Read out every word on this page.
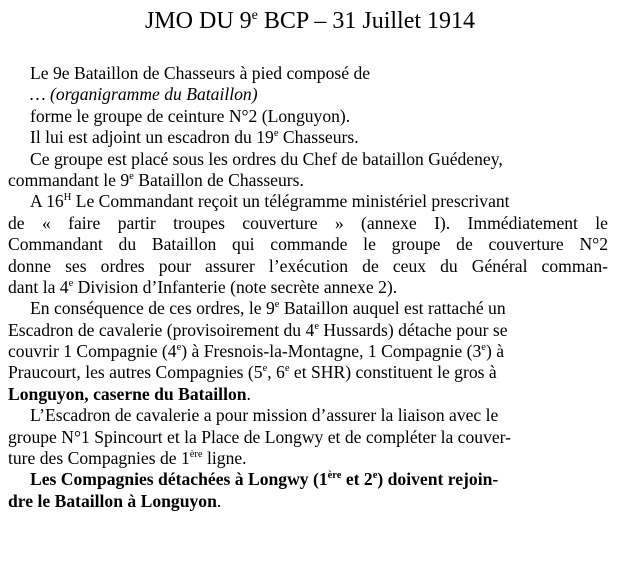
JMO DU 9e BCP – 31 Juillet 1914
Le 9e Bataillon de Chasseurs à pied composé de
… (organigramme du Bataillon)
forme le groupe de ceinture N°2 (Longuyon).
Il lui est adjoint un escadron du 19e Chasseurs.
Ce groupe est placé sous les ordres du Chef de bataillon Guédeney,
commandant le 9e Bataillon de Chasseurs.
A $16^H$ Le Commandant reçoit un télégramme ministériel prescrivant
de « faire partir troupes couverture » (annexe I). Immédiatement le
Commandant du Bataillon qui commande le groupe de couverture N°2
donne ses ordres pour assurer l’exécution de ceux du Général comman-
dant la 4e Division d’Infanterie (note secrète annexe 2).
En conséquence de ces ordres, le 9e Bataillon auquel est rattaché un
Escadron de cavalerie (provisoirement du 4e Hussards) détache pour se
couvrir 1 Compagnie (4e) à Fresnois-la-Montagne, 1 Compagnie (3e) à
Praucourt, les autres Compagnies (5e, 6e et SHR) constituent le gros à
Longuyon, caserne du Bataillon.
L’Escadron de cavalerie a pour mission d’assurer la liaison avec le
groupe N°1 Spincourt et la Place de Longwy et de compléter la couver-
ture des Compagnies de 1ère ligne.
Les Compagnies détachées à Longwy (1ère et 2e) doivent rejoin-
dre le Bataillon à Longuyon.
